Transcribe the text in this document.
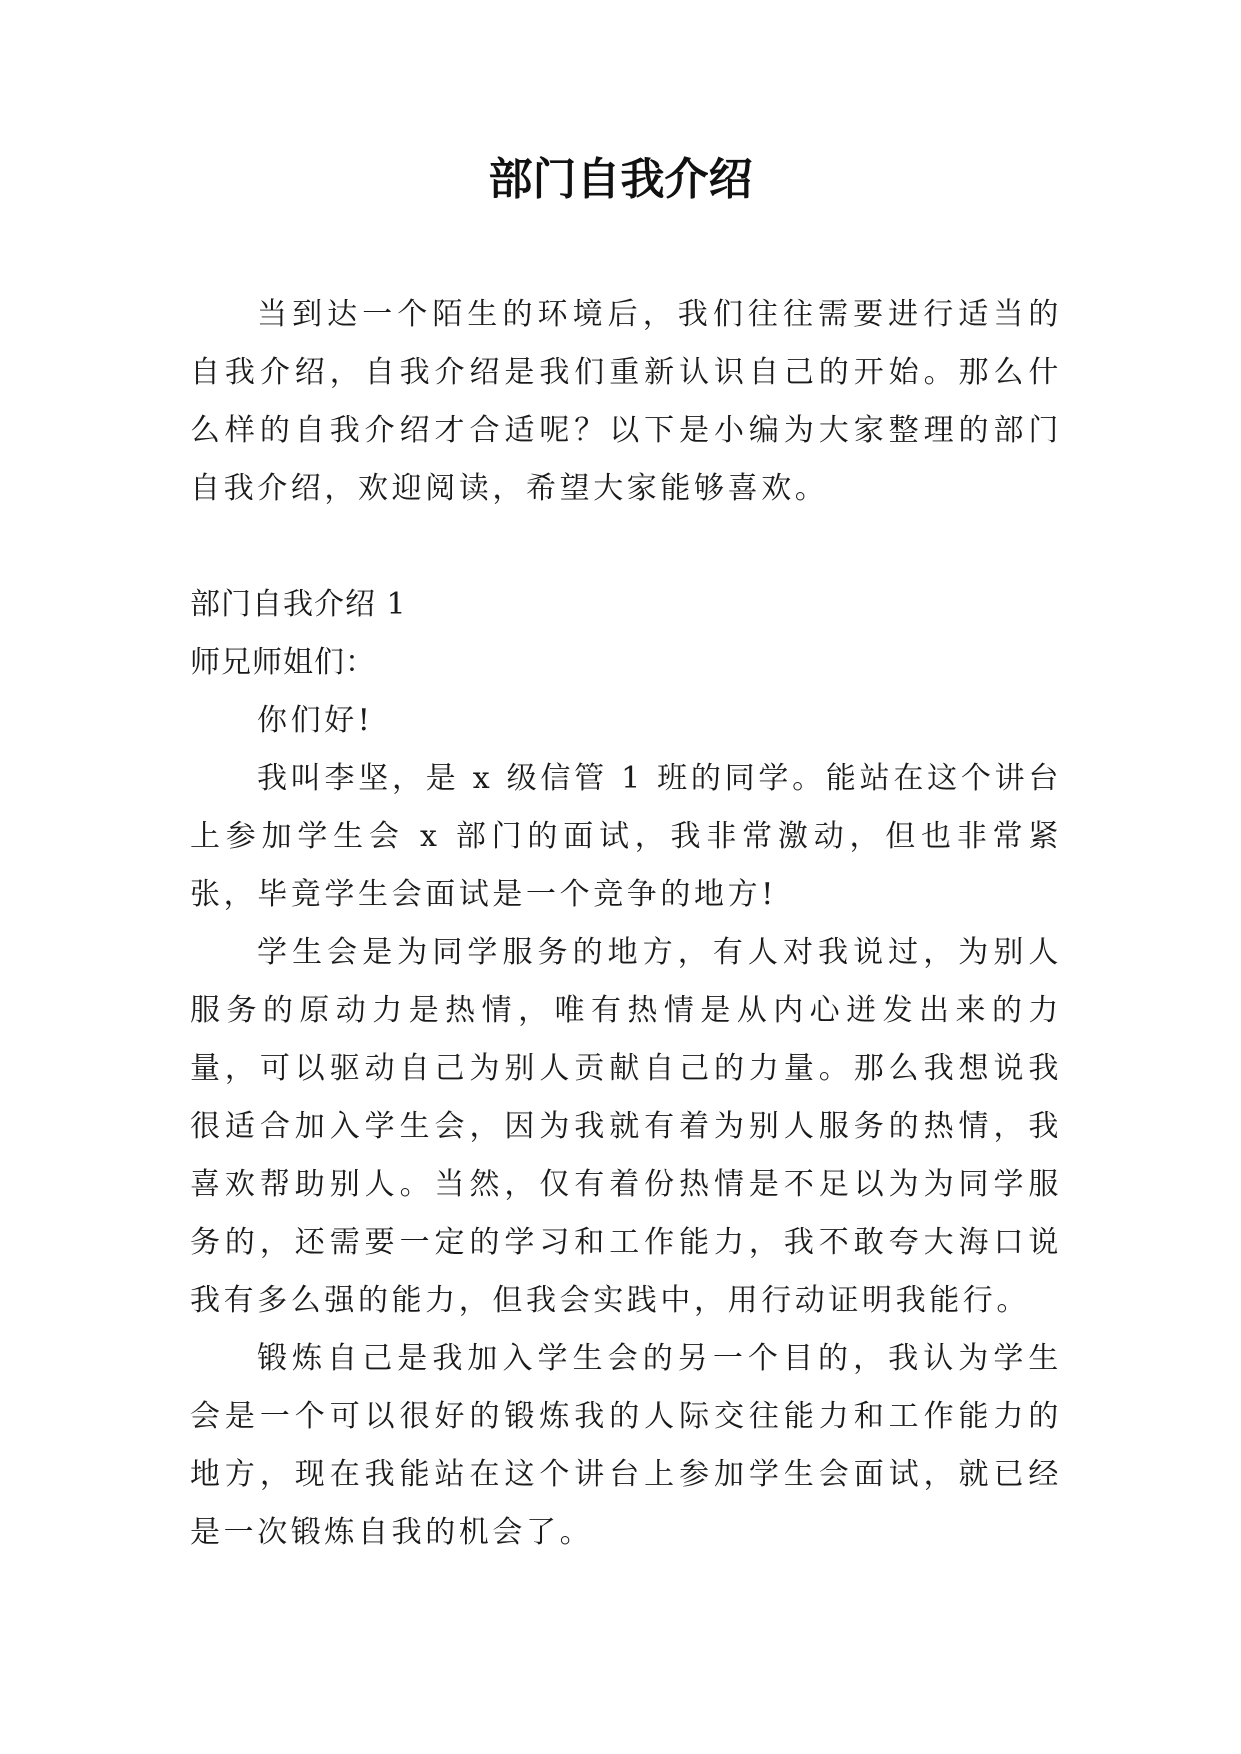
部门自我介绍

当到达一个陌生的环境后，我们往往需要进行适当的自我介绍，自我介绍是我们重新认识自己的开始。那么什么样的自我介绍才合适呢？以下是小编为大家整理的部门自我介绍，欢迎阅读，希望大家能够喜欢。

部门自我介绍 1

师兄师姐们：

你们好!

我叫李坚，是 x 级信管 1 班的同学。能站在这个讲台上参加学生会 x 部门的面试，我非常激动，但也非常紧张，毕竟学生会面试是一个竞争的地方!

学生会是为同学服务的地方，有人对我说过，为别人服务的原动力是热情，唯有热情是从内心迸发出来的力量，可以驱动自己为别人贡献自己的力量。那么我想说我很适合加入学生会，因为我就有着为别人服务的热情，我喜欢帮助别人。当然，仅有着份热情是不足以为为同学服务的，还需要一定的学习和工作能力，我不敢夸大海口说我有多么强的能力，但我会实践中，用行动证明我能行。

锻炼自己是我加入学生会的另一个目的，我认为学生会是一个可以很好的锻炼我的人际交往能力和工作能力的地方，现在我能站在这个讲台上参加学生会面试，就已经是一次锻炼自我的机会了。
